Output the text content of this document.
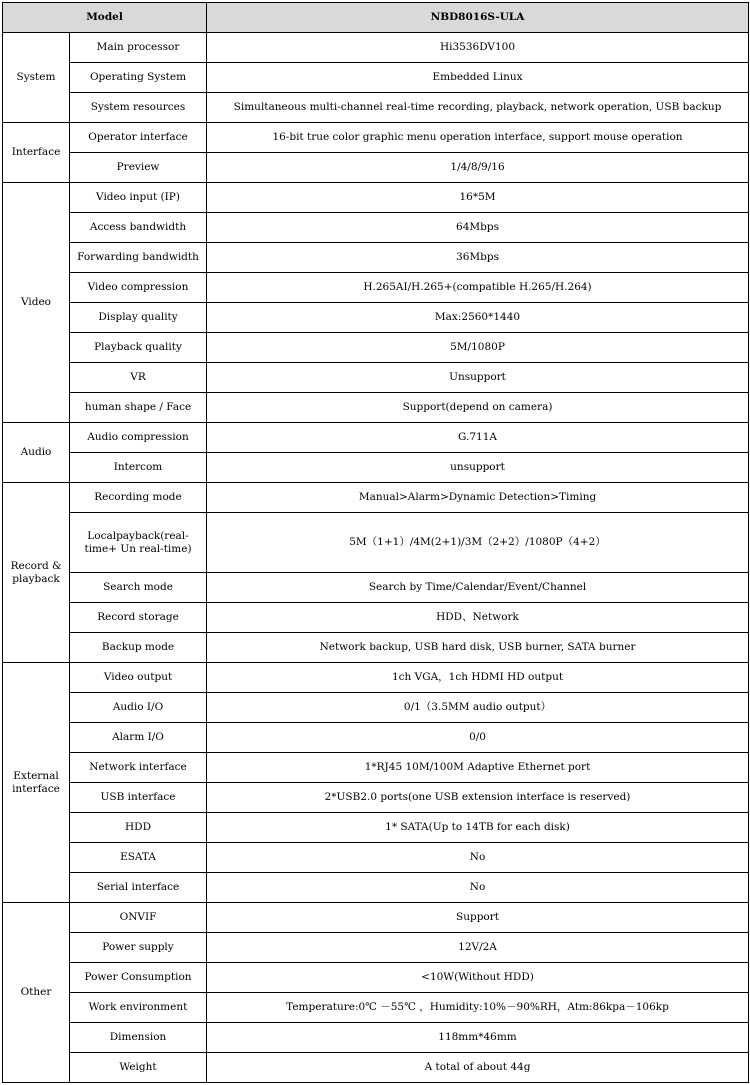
Model		NBD8016S-ULA
System	Main processor	Hi3536DV100
	Operating System	Embedded Linux
	System resources	Simultaneous multi-channel real-time recording, playback, network operation, USB backup
Interface	Operator interface	16-bit true color graphic menu operation interface, support mouse operation
	Preview	1/4/8/9/16
Video	Video input (IP)	16*5M
	Access bandwidth	64Mbps
	Forwarding bandwidth	36Mbps
	Video compression	H.265AI/H.265+(compatible H.265/H.264)
	Display quality	Max:2560*1440
	Playback quality	5M/1080P
	VR	Unsupport
	human shape / Face	Support(depend on camera)
Audio	Audio compression	G.711A
	Intercom	unsupport
Record & playback	Recording mode	Manual>Alarm>Dynamic Detection>Timing
	Localpayback(real-time+ Un real-time)	5M（1+1）/4M(2+1)/3M（2+2）/1080P（4+2）
	Search mode	Search by Time/Calendar/Event/Channel
	Record storage	HDD、Network
	Backup mode	Network backup, USB hard disk, USB burner, SATA burner
External interface	Video output	1ch VGA，1ch HDMI HD output
	Audio I/O	0/1（3.5MM audio output）
	Alarm I/O	0/0
	Network interface	1*RJ45 10M/100M Adaptive Ethernet port
	USB interface	2*USB2.0 ports(one USB extension interface is reserved)
	HDD	1* SATA(Up to 14TB for each disk)
	ESATA	No
	Serial interface	No
Other	ONVIF	Support
	Power supply	12V/2A
	Power Consumption	<10W(Without HDD)
	Work environment	Temperature:0℃ －55℃ ，Humidity:10%－90%RH，Atm:86kpa－106kp
	Dimension	118mm*46mm
	Weight	A total of about 44g
